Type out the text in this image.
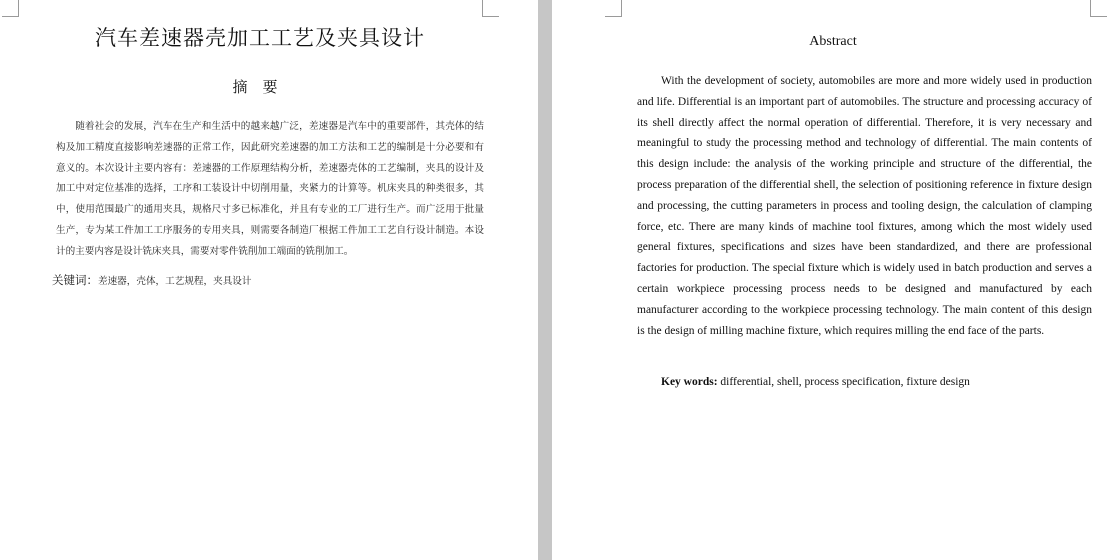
汽车差速器壳加工工艺及夹具设计
摘　要
随着社会的发展，汽车在生产和生活中的越来越广泛，差速器是汽车中的重要部件，其壳体的结构及加工精度直接影响差速器的正常工作，因此研究差速器的加工方法和工艺的编制是十分必要和有意义的。本次设计主要内容有：差速器的工作原理结构分析，差速器壳体的工艺编制，夹具的设计及加工中对定位基准的选择，工序和工装设计中切削用量，夹紧力的计算等。机床夹具的种类很多，其中，使用范围最广的通用夹具，规格尺寸多已标准化，并且有专业的工厂进行生产。而广泛用于批量生产，专为某工件加工工序服务的专用夹具，则需要各制造厂根据工件加工工艺自行设计制造。本设计的主要内容是设计铣床夹具，需要对零件铣削加工端面的铣削加工。
关键词：差速器，壳体，工艺规程，夹具设计
Abstract
With the development of society, automobiles are more and more widely used in production and life. Differential is an important part of automobiles. The structure and processing accuracy of its shell directly affect the normal operation of differential. Therefore, it is very necessary and meaningful to study the processing method and technology of differential. The main contents of this design include: the analysis of the working principle and structure of the differential, the process preparation of the differential shell, the selection of positioning reference in fixture design and processing, the cutting parameters in process and tooling design, the calculation of clamping force, etc. There are many kinds of machine tool fixtures, among which the most widely used general fixtures, specifications and sizes have been standardized, and there are professional factories for production. The special fixture which is widely used in batch production and serves a certain workpiece processing process needs to be designed and manufactured by each manufacturer according to the workpiece processing technology. The main content of this design is the design of milling machine fixture, which requires milling the end face of the parts.
Key words: differential, shell, process specification, fixture design
